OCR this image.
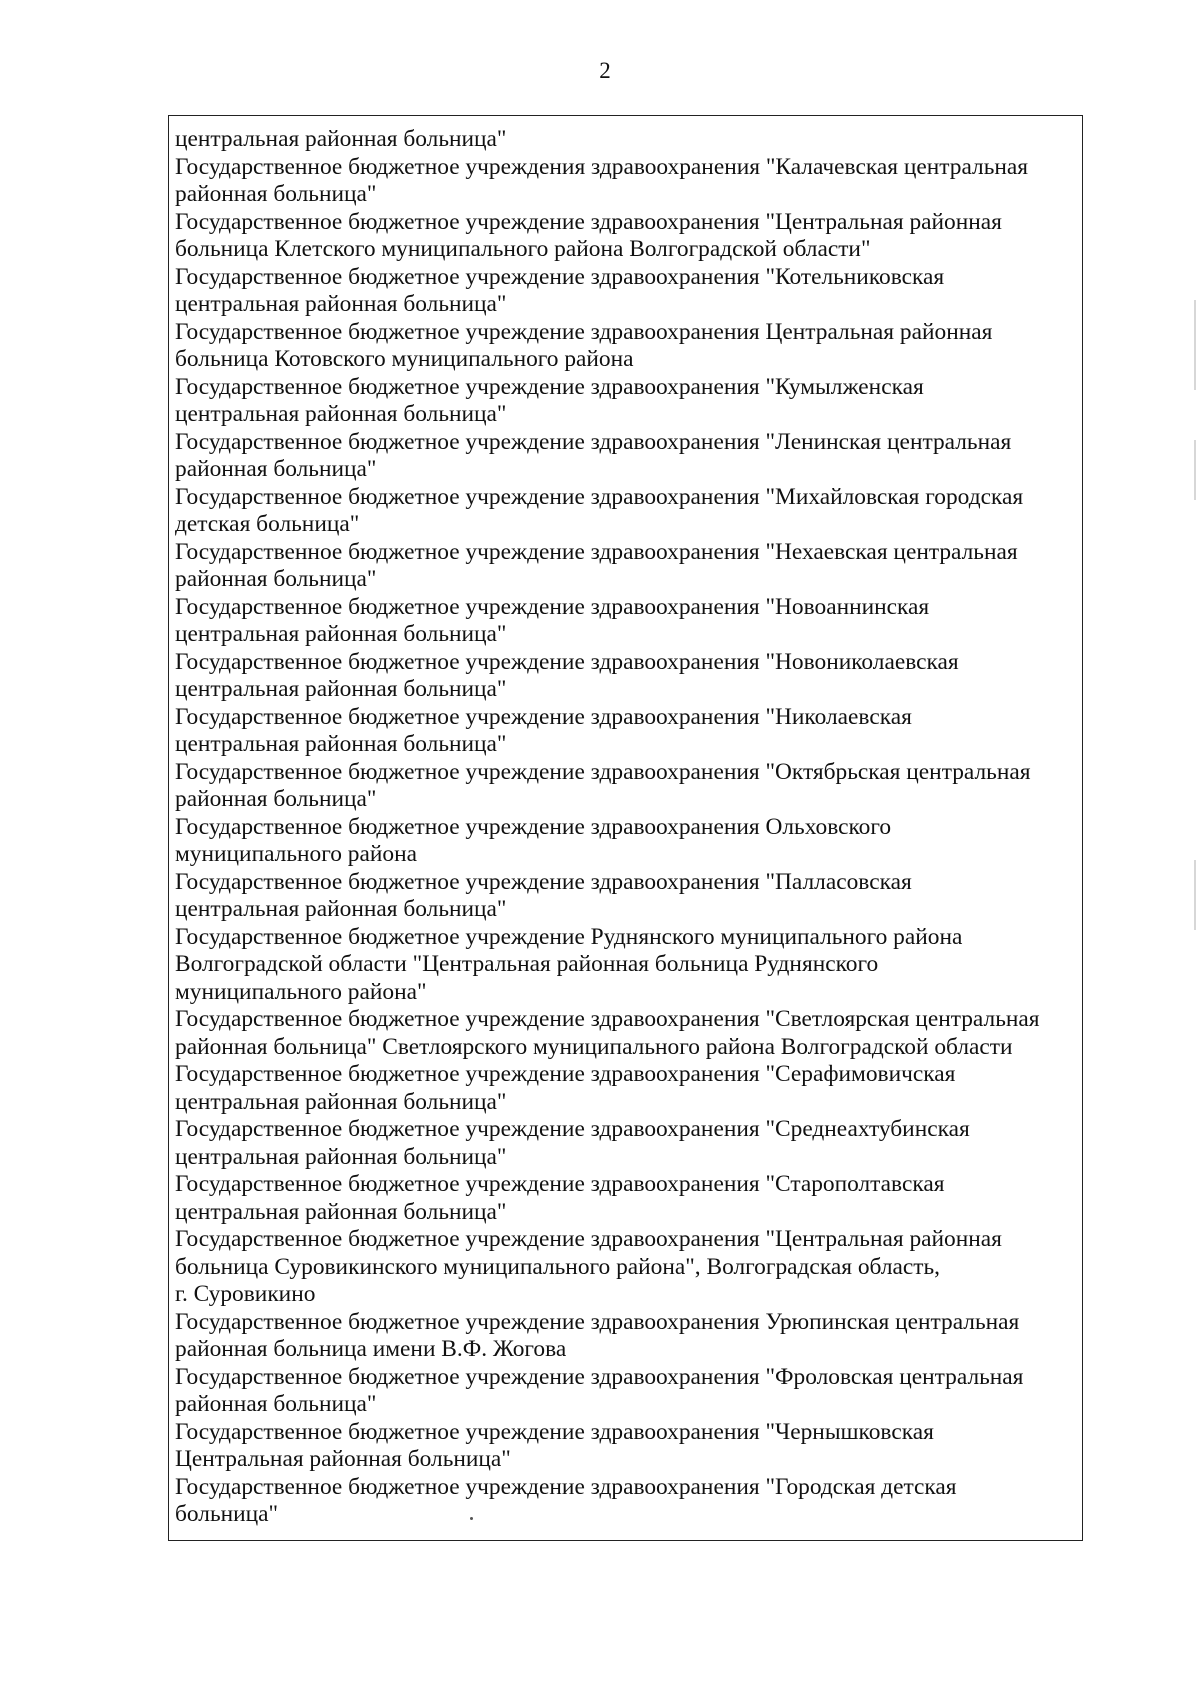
2
центральная районная больница"
Государственное бюджетное учреждения здравоохранения "Калачевская центральная
районная больница"
Государственное бюджетное учреждение здравоохранения "Центральная районная
больница Клетского муниципального района Волгоградской области"
Государственное бюджетное учреждение здравоохранения "Котельниковская
центральная районная больница"
Государственное бюджетное учреждение здравоохранения Центральная районная
больница Котовского муниципального района
Государственное бюджетное учреждение здравоохранения "Кумылженская
центральная районная больница"
Государственное бюджетное учреждение здравоохранения "Ленинская центральная
районная больница"
Государственное бюджетное учреждение здравоохранения "Михайловская городская
детская больница"
Государственное бюджетное учреждение здравоохранения "Нехаевская центральная
районная больница"
Государственное бюджетное учреждение здравоохранения "Новоаннинская
центральная районная больница"
Государственное бюджетное учреждение здравоохранения "Новониколаевская
центральная районная больница"
Государственное бюджетное учреждение здравоохранения "Николаевская
центральная районная больница"
Государственное бюджетное учреждение здравоохранения "Октябрьская центральная
районная больница"
Государственное бюджетное учреждение здравоохранения Ольховского
муниципального района
Государственное бюджетное учреждение здравоохранения "Палласовская
центральная районная больница"
Государственное бюджетное учреждение Руднянского муниципального района
Волгоградской области "Центральная районная больница Руднянского
муниципального района"
Государственное бюджетное учреждение здравоохранения "Светлоярская центральная
районная больница" Светлоярского муниципального района Волгоградской области
Государственное бюджетное учреждение здравоохранения "Серафимовичская
центральная районная больница"
Государственное бюджетное учреждение здравоохранения "Среднеахтубинская
центральная районная больница"
Государственное бюджетное учреждение здравоохранения "Старополтавская
центральная районная больница"
Государственное бюджетное учреждение здравоохранения "Центральная районная
больница Суровикинского муниципального района", Волгоградская область,
г. Суровикино
Государственное бюджетное учреждение здравоохранения Урюпинская центральная
районная больница имени В.Ф. Жогова
Государственное бюджетное учреждение здравоохранения "Фроловская центральная
районная больница"
Государственное бюджетное учреждение здравоохранения "Чернышковская
Центральная районная больница"
Государственное бюджетное учреждение здравоохранения "Городская детская
больница"
